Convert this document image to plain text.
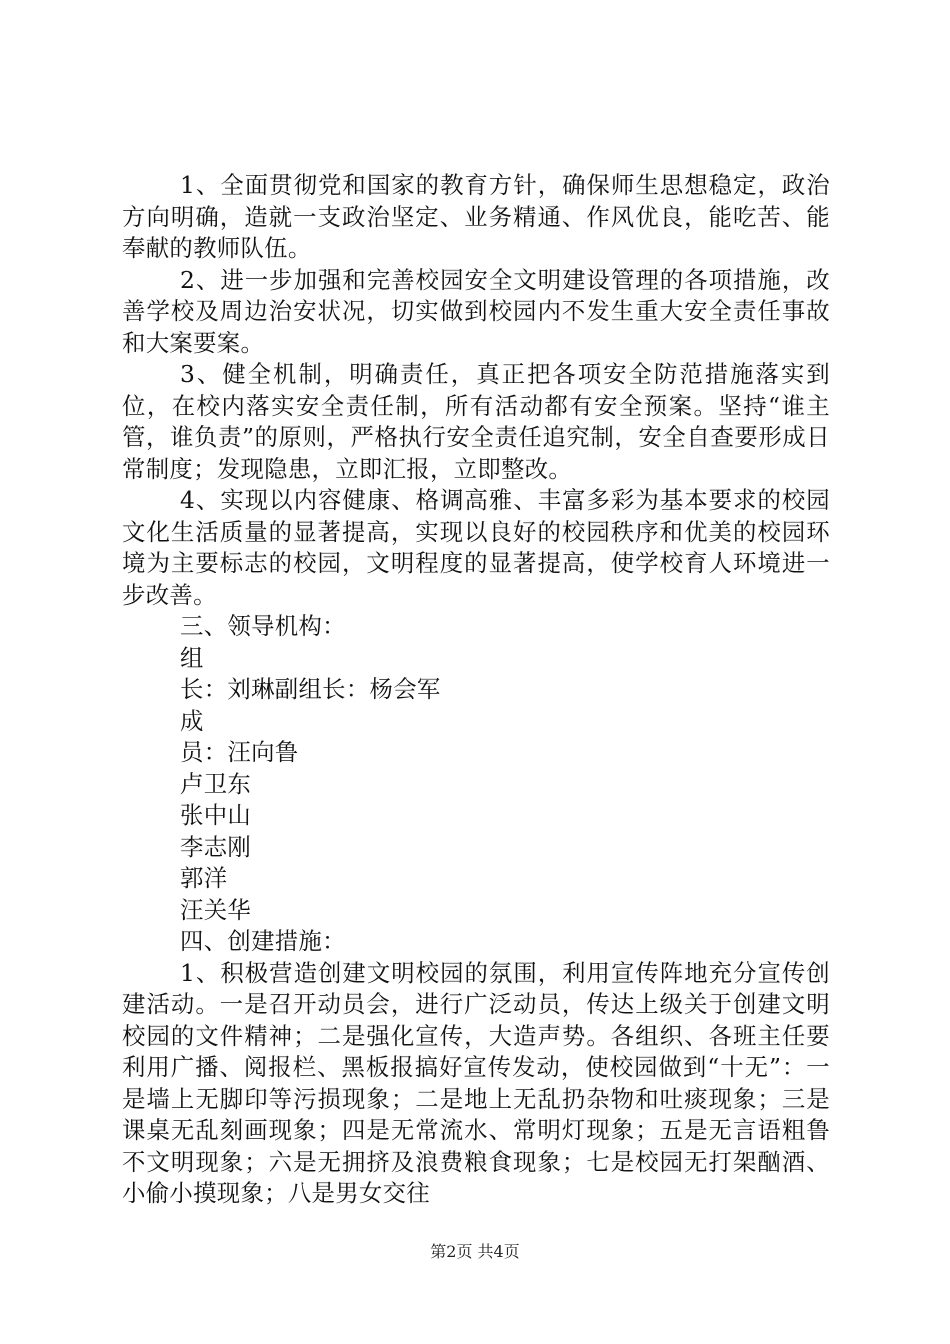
1、全面贯彻党和国家的教育方针，确保师生思想稳定，政治方向明确，造就一支政治坚定、业务精通、作风优良，能吃苦、能奉献的教师队伍。

2、进一步加强和完善校园安全文明建设管理的各项措施，改善学校及周边治安状况，切实做到校园内不发生重大安全责任事故和大案要案。

3、健全机制，明确责任，真正把各项安全防范措施落实到位，在校内落实安全责任制，所有活动都有安全预案。坚持“谁主管，谁负责”的原则，严格执行安全责任追究制，安全自查要形成日常制度；发现隐患，立即汇报，立即整改。

4、实现以内容健康、格调高雅、丰富多彩为基本要求的校园文化生活质量的显著提高，实现以良好的校园秩序和优美的校园环境为主要标志的校园，文明程度的显著提高，使学校育人环境进一步改善。

三、领导机构：

组

长：刘琳副组长：杨会军

成

员：汪向鲁

卢卫东

张中山

李志刚

郭洋

汪关华

四、创建措施：

1、积极营造创建文明校园的氛围，利用宣传阵地充分宣传创建活动。一是召开动员会，进行广泛动员，传达上级关于创建文明校园的文件精神；二是强化宣传，大造声势。各组织、各班主任要利用广播、阅报栏、黑板报搞好宣传发动，使校园做到“十无”：一是墙上无脚印等污损现象；二是地上无乱扔杂物和吐痰现象；三是课桌无乱刻画现象；四是无常流水、常明灯现象；五是无言语粗鲁不文明现象；六是无拥挤及浪费粮食现象；七是校园无打架酗酒、小偷小摸现象；八是男女交往

第2页 共4页
